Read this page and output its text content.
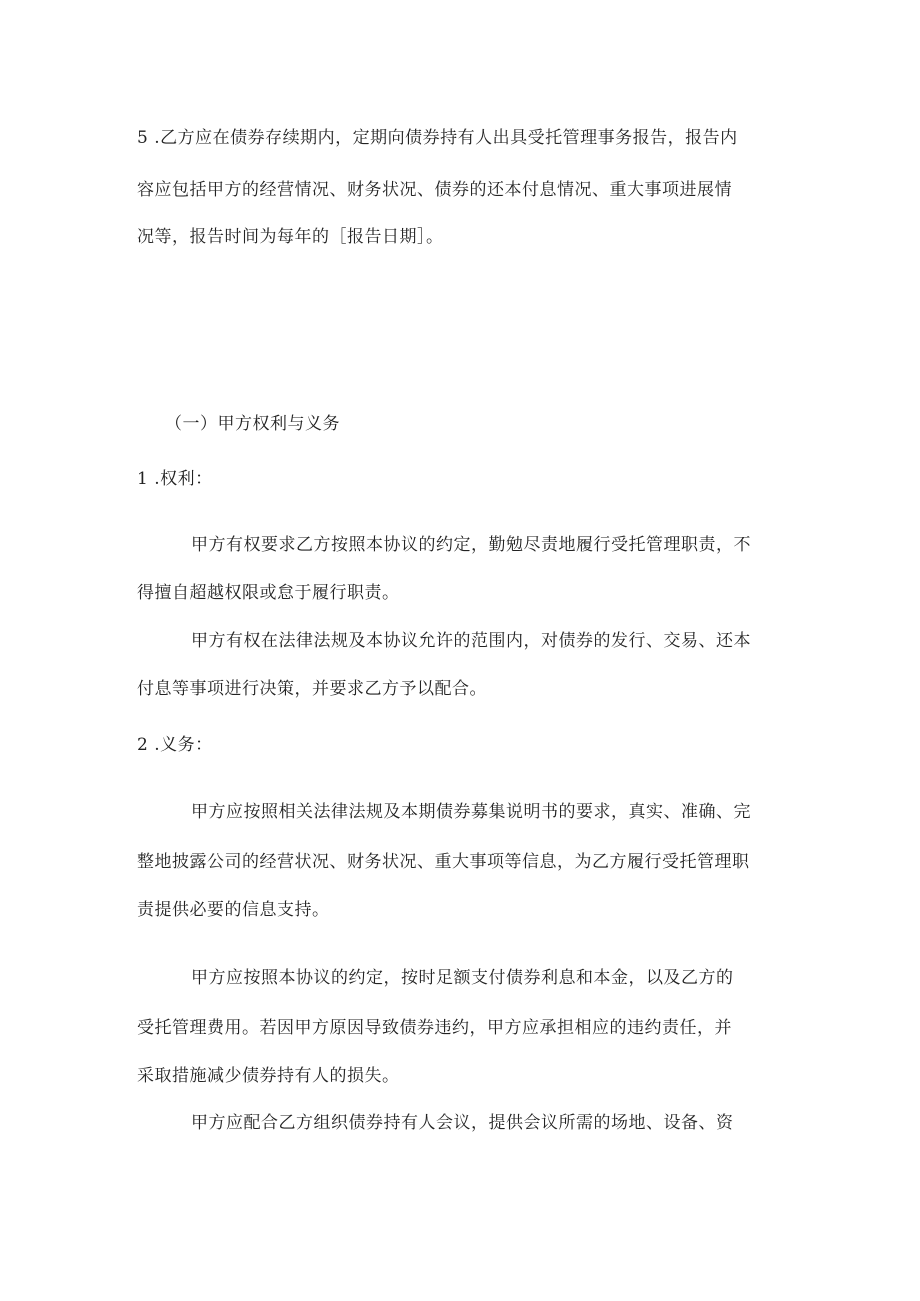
5 .乙方应在债券存续期内，定期向债券持有人出具受托管理事务报告，报告内
容应包括甲方的经营情况、财务状况、债券的还本付息情况、重大事项进展情
况等，报告时间为每年的［报告日期］。
（一）甲方权利与义务
1 .权利：
甲方有权要求乙方按照本协议的约定，勤勉尽责地履行受托管理职责，不
得擅自超越权限或怠于履行职责。
甲方有权在法律法规及本协议允许的范围内，对债券的发行、交易、还本
付息等事项进行决策，并要求乙方予以配合。
2 .义务：
甲方应按照相关法律法规及本期债券募集说明书的要求，真实、准确、完
整地披露公司的经营状况、财务状况、重大事项等信息，为乙方履行受托管理职
责提供必要的信息支持。
甲方应按照本协议的约定，按时足额支付债券利息和本金，以及乙方的
受托管理费用。若因甲方原因导致债券违约，甲方应承担相应的违约责任，并
采取措施减少债券持有人的损失。
甲方应配合乙方组织债券持有人会议，提供会议所需的场地、设备、资
